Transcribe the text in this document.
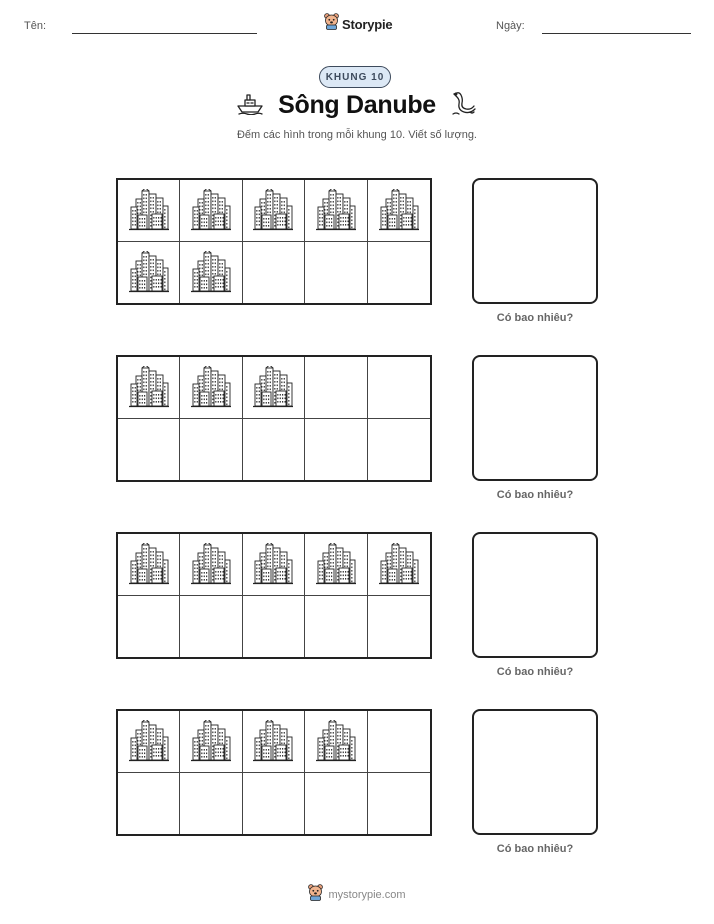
Tên:	Storypie	Ngày:
KHUNG 10
Sông Danube
Đếm các hình trong mỗi khung 10. Viết số lượng.
Có bao nhiêu?
Có bao nhiêu?
Có bao nhiêu?
Có bao nhiêu?
mystorypie.com
